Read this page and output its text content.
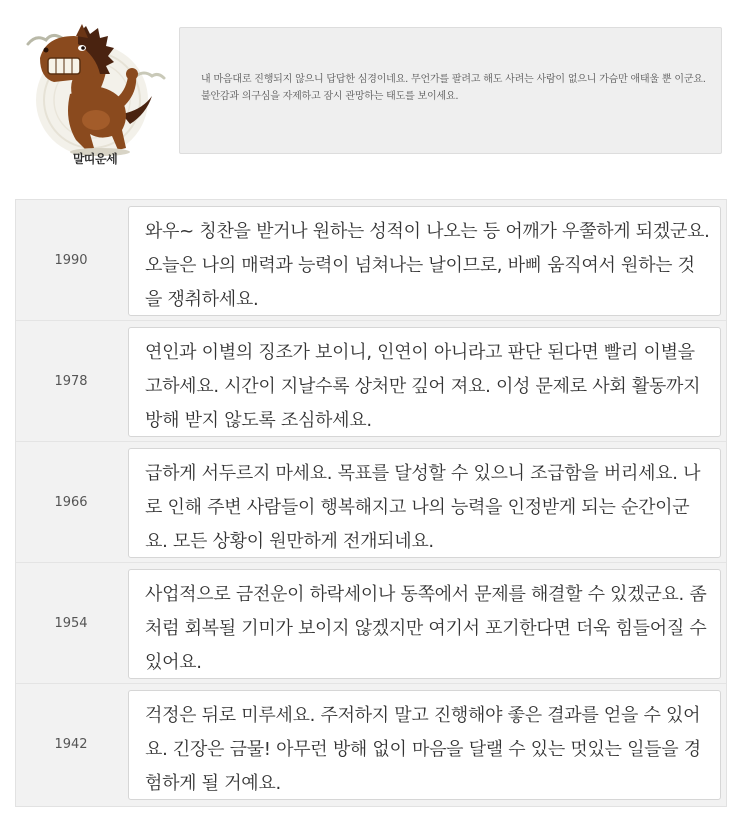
말띠운세
내 마음대로 진행되지 않으니 답답한 심경이네요. 무언가를 팔려고 해도 사려는 사람이 없으니 가슴만 애태울 뿐 이군요. 불안감과 의구심을 자제하고 잠시 관망하는 태도를 보이세요.
1990
와우~ 칭찬을 받거나 원하는 성적이 나오는 등 어깨가 우쭐하게 되겠군요. 오늘은 나의 매력과 능력이 넘쳐나는 날이므로, 바삐 움직여서 원하는 것을 쟁취하세요.
1978
연인과 이별의 징조가 보이니, 인연이 아니라고 판단 된다면 빨리 이별을 고하세요. 시간이 지날수록 상처만 깊어 져요. 이성 문제로 사회 활동까지 방해 받지 않도록 조심하세요.
1966
급하게 서두르지 마세요. 목표를 달성할 수 있으니 조급함을 버리세요. 나로 인해 주변 사람들이 행복해지고 나의 능력을 인정받게 되는 순간이군요. 모든 상황이 원만하게 전개되네요.
1954
사업적으로 금전운이 하락세이나 동쪽에서 문제를 해결할 수 있겠군요. 좀처럼 회복될 기미가 보이지 않겠지만 여기서 포기한다면 더욱 힘들어질 수 있어요.
1942
걱정은 뒤로 미루세요. 주저하지 말고 진행해야 좋은 결과를 얻을 수 있어요. 긴장은 금물! 아무런 방해 없이 마음을 달랠 수 있는 멋있는 일들을 경험하게 될 거예요.
